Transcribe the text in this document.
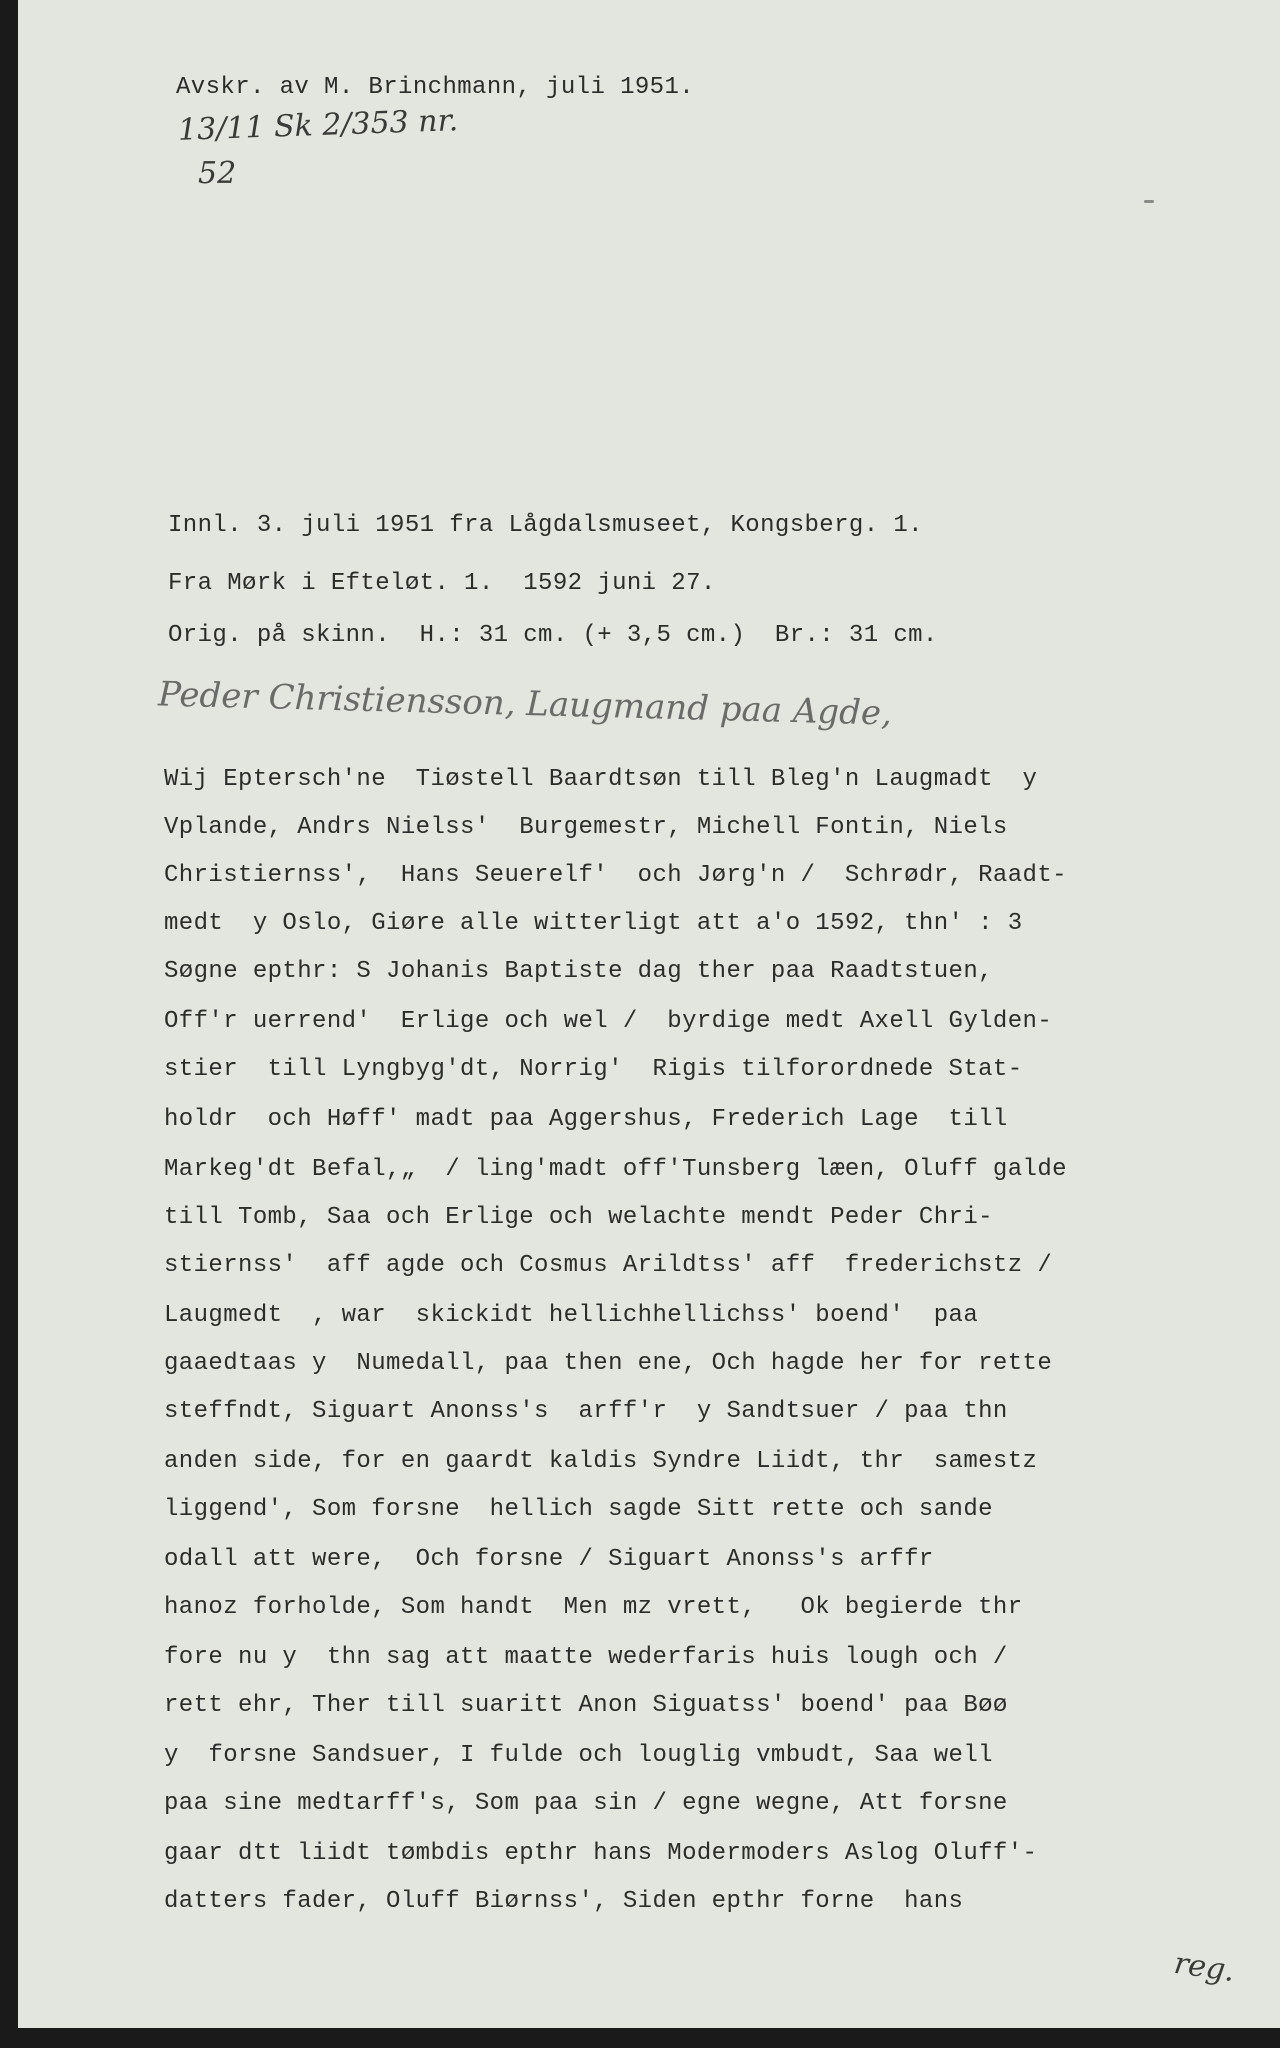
Avskr. av M. Brinchmann, juli 1951.
13/11 Sk 2/353 nr.
52
Innl. 3. juli 1951 fra Lågdalsmuseet, Kongsberg. 1.
Fra Mørk i Efteløt. 1.  1592 juni 27.
Orig. på skinn.  H.: 31 cm. (+ 3,5 cm.)  Br.: 31 cm.
Peder Christiensson, Laugmand paa Agde,
Wij Eptersch'ne  Tiøstell Baardtsøn till Bleg'n Laugmadt  y
Vplande, Andrs Nielss'  Burgemestr, Michell Fontin, Niels
Christiernss',  Hans Seuerelf'  och Jørg'n /  Schrødr, Raadt-
medt  y Oslo, Giøre alle witterligt att a'o 1592, thn' : 3
Søgne epthr: S Johanis Baptiste dag ther paa Raadtstuen,
Off'r uerrend'  Erlige och wel /  byrdige medt Axell Gylden-
stier  till Lyngbyg'dt, Norrig'  Rigis tilforordnede Stat-
holdr  och Høff' madt paa Aggershus, Frederich Lage  till
Markeg'dt Befal,„  / ling'madt off'Tunsberg læen, Oluff galde
till Tomb, Saa och Erlige och welachte mendt Peder Chri-
stiernss'  aff agde och Cosmus Arildtss' aff  frederichstz /
Laugmedt  , war  skickidt hellichhellichss' boend'  paa
gaaedtaas y  Numedall, paa then ene, Och hagde her for rette
steffndt, Siguart Anonss's  arff'r  y Sandtsuer / paa thn
anden side, for en gaardt kaldis Syndre Liidt, thr  samestz
liggend', Som forsne  hellich sagde Sitt rette och sande
odall att were,  Och forsne / Siguart Anonss's arffr
hanoz forholde, Som handt  Men mz vrett,   Ok begierde thr
fore nu y  thn sag att maatte wederfaris huis lough och /
rett ehr, Ther till suaritt Anon Siguatss' boend' paa Bøø
y  forsne Sandsuer, I fulde och louglig vmbudt, Saa well
paa sine medtarff's, Som paa sin / egne wegne, Att forsne
gaar dtt liidt tømbdis epthr hans Modermoders Aslog Oluff'-
datters fader, Oluff Biørnss', Siden epthr forne  hans
reg.
